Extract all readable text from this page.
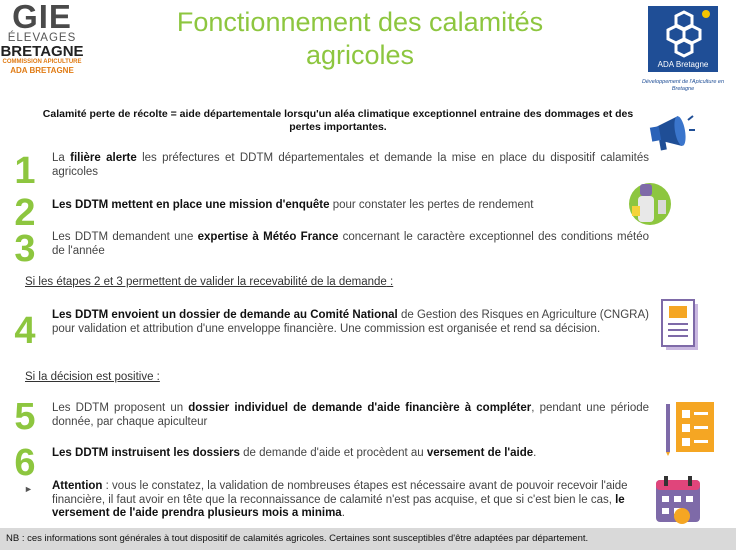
GIE
ÉLEVAGES
BRETAGNE
COMMISSION APICULTURE
ADA BRETAGNE
ADA Bretagne
Développement de l'Apiculture en Bretagne
Fonctionnement des calamités agricoles
Calamité perte de récolte = aide départementale lorsqu'un aléa climatique exceptionnel entraine des dommages et des pertes importantes.
1	La filière alerte les préfectures et DDTM départementales et demande la mise en place du dispositif calamités agricoles
2	Les DDTM mettent en place une mission d'enquête pour constater les pertes de rendement
3	Les DDTM demandent une expertise à Météo France concernant le caractère exceptionnel des conditions météo de l'année
Si les étapes 2 et 3 permettent de valider la recevabilité de la demande :
4	Les DDTM envoient un dossier de demande au Comité National de Gestion des Risques en Agriculture (CNGRA) pour validation et attribution d'une enveloppe financière. Une commission est organisée et rend sa décision.
Si la décision est positive :
5	Les DDTM proposent un dossier individuel de demande d'aide financière à compléter, pendant une période donnée, par chaque apiculteur
6	Les DDTM instruisent les dossiers de demande d'aide et procèdent au versement de l'aide.
► Attention : vous le constatez, la validation de nombreuses étapes est nécessaire avant de pouvoir recevoir l'aide financière, il faut avoir en tête que la reconnaissance de calamité n'est pas acquise, et que si c'est bien le cas, le versement de l'aide prendra plusieurs mois a minima.
NB : ces informations sont générales à tout dispositif de calamités agricoles. Certaines sont susceptibles d'être adaptées par département.
